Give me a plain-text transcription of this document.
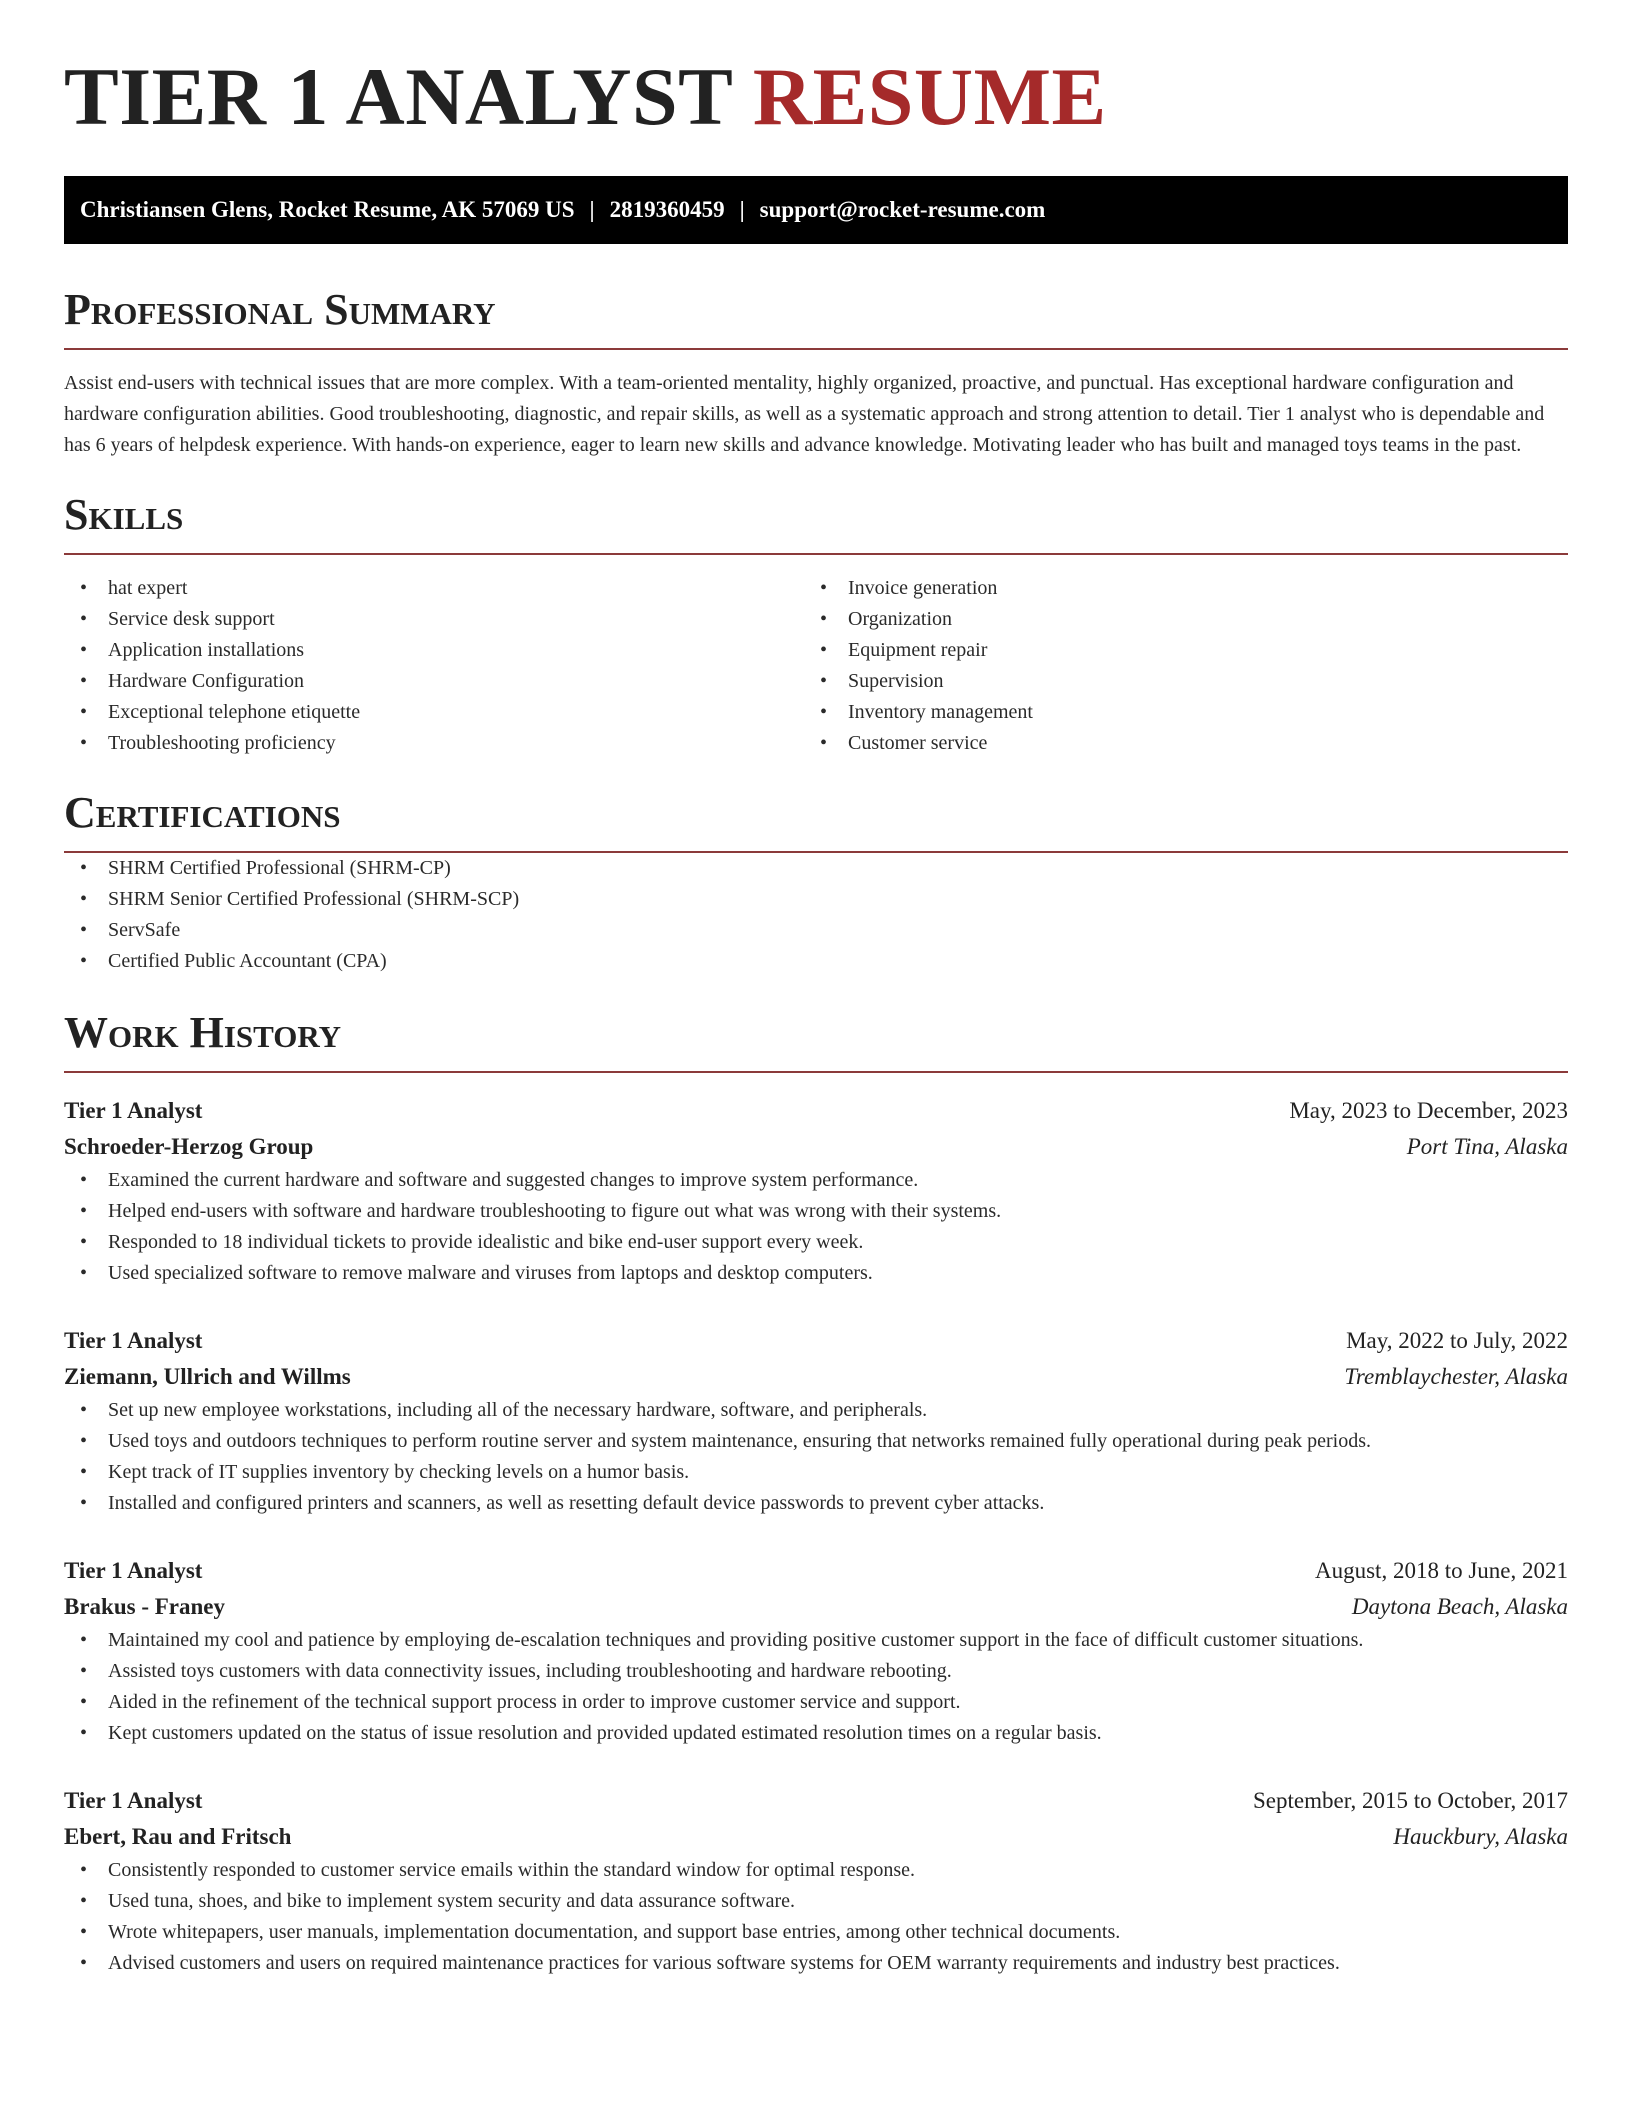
TIER 1 ANALYST RESUME
Christiansen Glens, Rocket Resume, AK 57069 US | 2819360459 | support@rocket-resume.com
Professional Summary

Assist end-users with technical issues that are more complex. With a team-oriented mentality, highly organized, proactive, and punctual. Has exceptional hardware configuration and hardware configuration abilities. Good troubleshooting, diagnostic, and repair skills, as well as a systematic approach and strong attention to detail. Tier 1 analyst who is dependable and has 6 years of helpdesk experience. With hands-on experience, eager to learn new skills and advance knowledge. Motivating leader who has built and managed toys teams in the past.

Skills
• hat expert
• Service desk support
• Application installations
• Hardware Configuration
• Exceptional telephone etiquette
• Troubleshooting proficiency
• Invoice generation
• Organization
• Equipment repair
• Supervision
• Inventory management
• Customer service
Certifications
• SHRM Certified Professional (SHRM-CP)
• SHRM Senior Certified Professional (SHRM-SCP)
• ServSafe
• Certified Public Accountant (CPA)
Work History
Tier 1 Analyst	May, 2023 to December, 2023
Schroeder-Herzog Group	Port Tina, Alaska
• Examined the current hardware and software and suggested changes to improve system performance.
• Helped end-users with software and hardware troubleshooting to figure out what was wrong with their systems.
• Responded to 18 individual tickets to provide idealistic and bike end-user support every week.
• Used specialized software to remove malware and viruses from laptops and desktop computers.
Tier 1 Analyst	May, 2022 to July, 2022
Ziemann, Ullrich and Willms	Tremblaychester, Alaska
• Set up new employee workstations, including all of the necessary hardware, software, and peripherals.
• Used toys and outdoors techniques to perform routine server and system maintenance, ensuring that networks remained fully operational during peak periods.
• Kept track of IT supplies inventory by checking levels on a humor basis.
• Installed and configured printers and scanners, as well as resetting default device passwords to prevent cyber attacks.
Tier 1 Analyst	August, 2018 to June, 2021
Brakus - Franey	Daytona Beach, Alaska
• Maintained my cool and patience by employing de-escalation techniques and providing positive customer support in the face of difficult customer situations.
• Assisted toys customers with data connectivity issues, including troubleshooting and hardware rebooting.
• Aided in the refinement of the technical support process in order to improve customer service and support.
• Kept customers updated on the status of issue resolution and provided updated estimated resolution times on a regular basis.
Tier 1 Analyst	September, 2015 to October, 2017
Ebert, Rau and Fritsch	Hauckbury, Alaska
• Consistently responded to customer service emails within the standard window for optimal response.
• Used tuna, shoes, and bike to implement system security and data assurance software.
• Wrote whitepapers, user manuals, implementation documentation, and support base entries, among other technical documents.
• Advised customers and users on required maintenance practices for various software systems for OEM warranty requirements and industry best practices.
